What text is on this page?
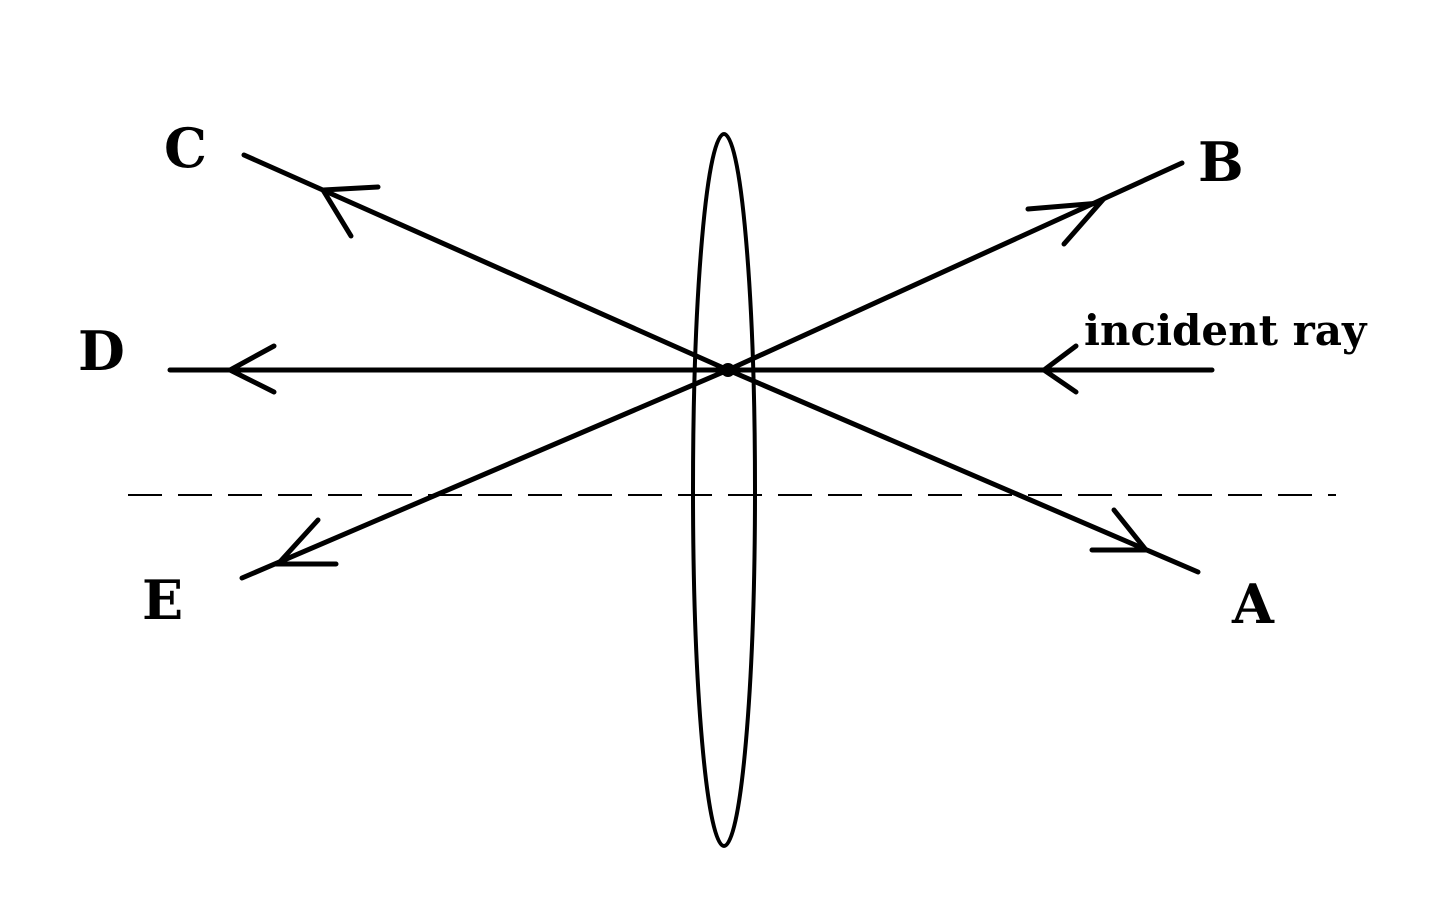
C	B
D
E	A
incident ray
